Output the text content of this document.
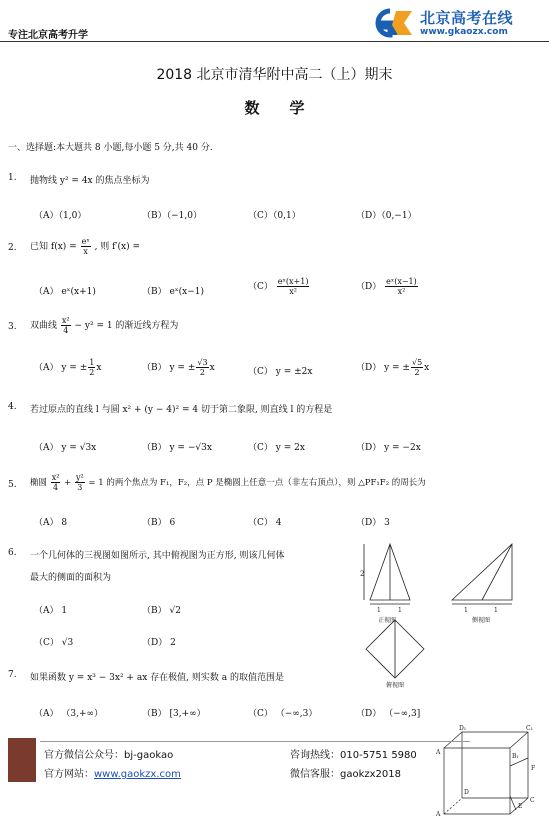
专注北京高考升学
北京高考在线
www.gkaozx.com
2018 北京市清华附中高二（上）期末
数学
一、选择题:本大题共 8 小题,每小题 5 分,共 40 分.
1. 抛物线 y² = 4x 的焦点坐标为
（A）（1,0）	（B）（−1,0）	（C）（0,1）	（D）（0,−1）
2. 已知 $f(x) = \frac{\text{eˣ}}{x}$ , 则 f′(x) =
（A） eˣ(x+1)	（B） eˣ(x−1)	$(C) \frac{\text{eˣ(x+1)}}{\text{x²}}$	$(D) \frac{\text{eˣ(x−1)}}{\text{x²}}$
3. 双曲线 $\frac{\text{x²}}{4} - y^2 = 1$ 的渐近线方程为
（A） y = ± $\frac{1}{2}$ x	（B） y = ± $\frac{√3}{2}$ x	（C） y = ±2x	（D） y = ± $\frac{√5}{2}$ x
4. 若过原点的直线 l 与圆 x² + (y − 4)² = 4 切于第二象限, 则直线 l 的方程是
（A） y = √3x	（B） y = −√3x	（C） y = 2x	（D） y = −2x
5. 椭圆 $\frac{\text{x²}}{4} + \frac{\text{y²}}{3} = 1$ 的两个焦点为 F₁，F₂，点 P 是椭圆上任意一点（非左右顶点），则 △PF₁F₂ 的周长为
（A） 8	（B） 6	（C） 4	（D） 3
6. 一个几何体的三视图如图所示, 其中俯视图为正方形, 则该几何体
最大的侧面的面积为
（A） 1	（B） √2
（C） √3	（D） 2
2
1	1
正视图
1	1
侧视图
俯视图
7. 如果函数 y = x³ − 3x² + ax 存在极值, 则实数 a 的取值范围是
（A） （3,+∞）	（B） [3,+∞）	（C） （−∞,3）	（D） （−∞,3]
D₁	C₁
A
B₁
F
D
E
C
A
官方微信公众号：bj-gaokao
官方网站：www.gaokzx.com
咨询热线：010-5751 5980
微信客服：gaokzx2018
